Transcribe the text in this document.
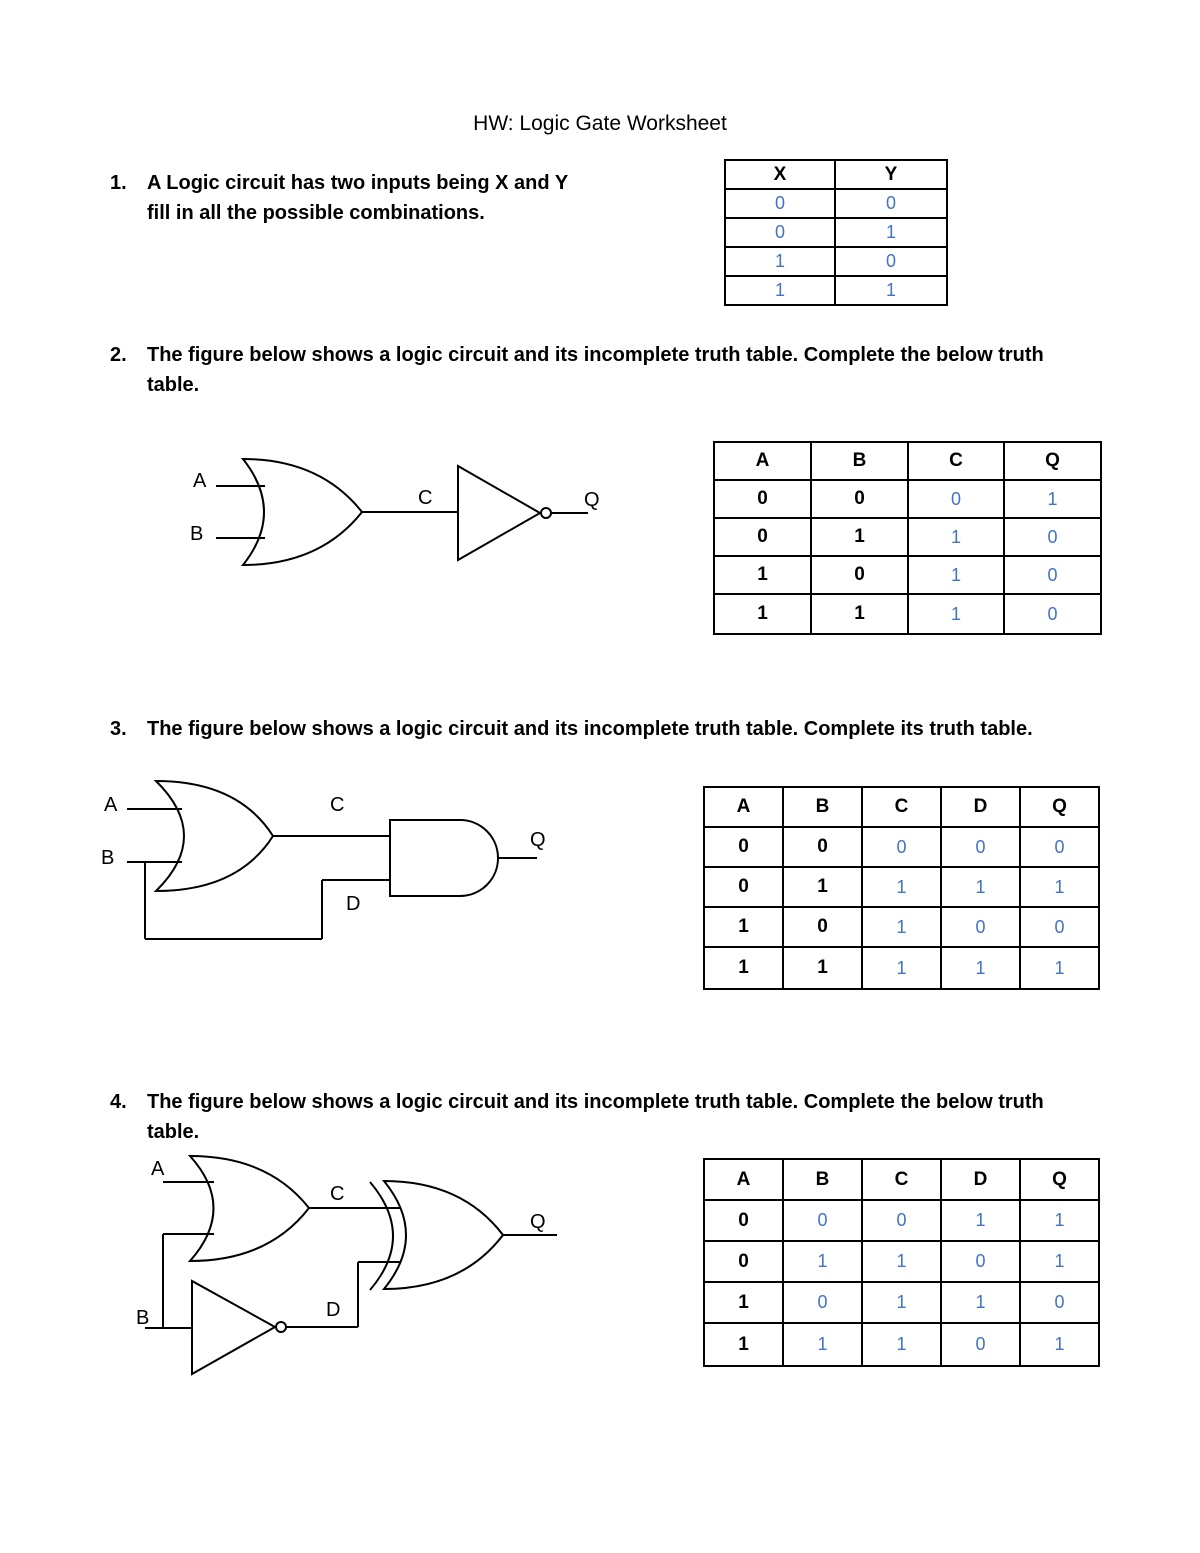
HW: Logic Gate Worksheet
1. A Logic circuit has two inputs being X and Y
fill in all the possible combinations.
X	Y
0	0
0	1
1	0
1	1
2. The figure below shows a logic circuit and its incomplete truth table. Complete the below truth
table.
A
B
C	Q
A	B	C	Q
0	0	0	1
0	1	1	0
1	0	1	0
1	1	1	0
3. The figure below shows a logic circuit and its incomplete truth table. Complete its truth table.
A
B
C
D
Q
A	B	C	D	Q
0	0	0	0	0
0	1	1	1	1
1	0	1	0	0
1	1	1	1	1
4. The figure below shows a logic circuit and its incomplete truth table. Complete the below truth
table.
A
B
C
D
Q
A	B	C	D	Q
0	0	0	1	1
0	1	1	0	1
1	0	1	1	0
1	1	1	0	1
